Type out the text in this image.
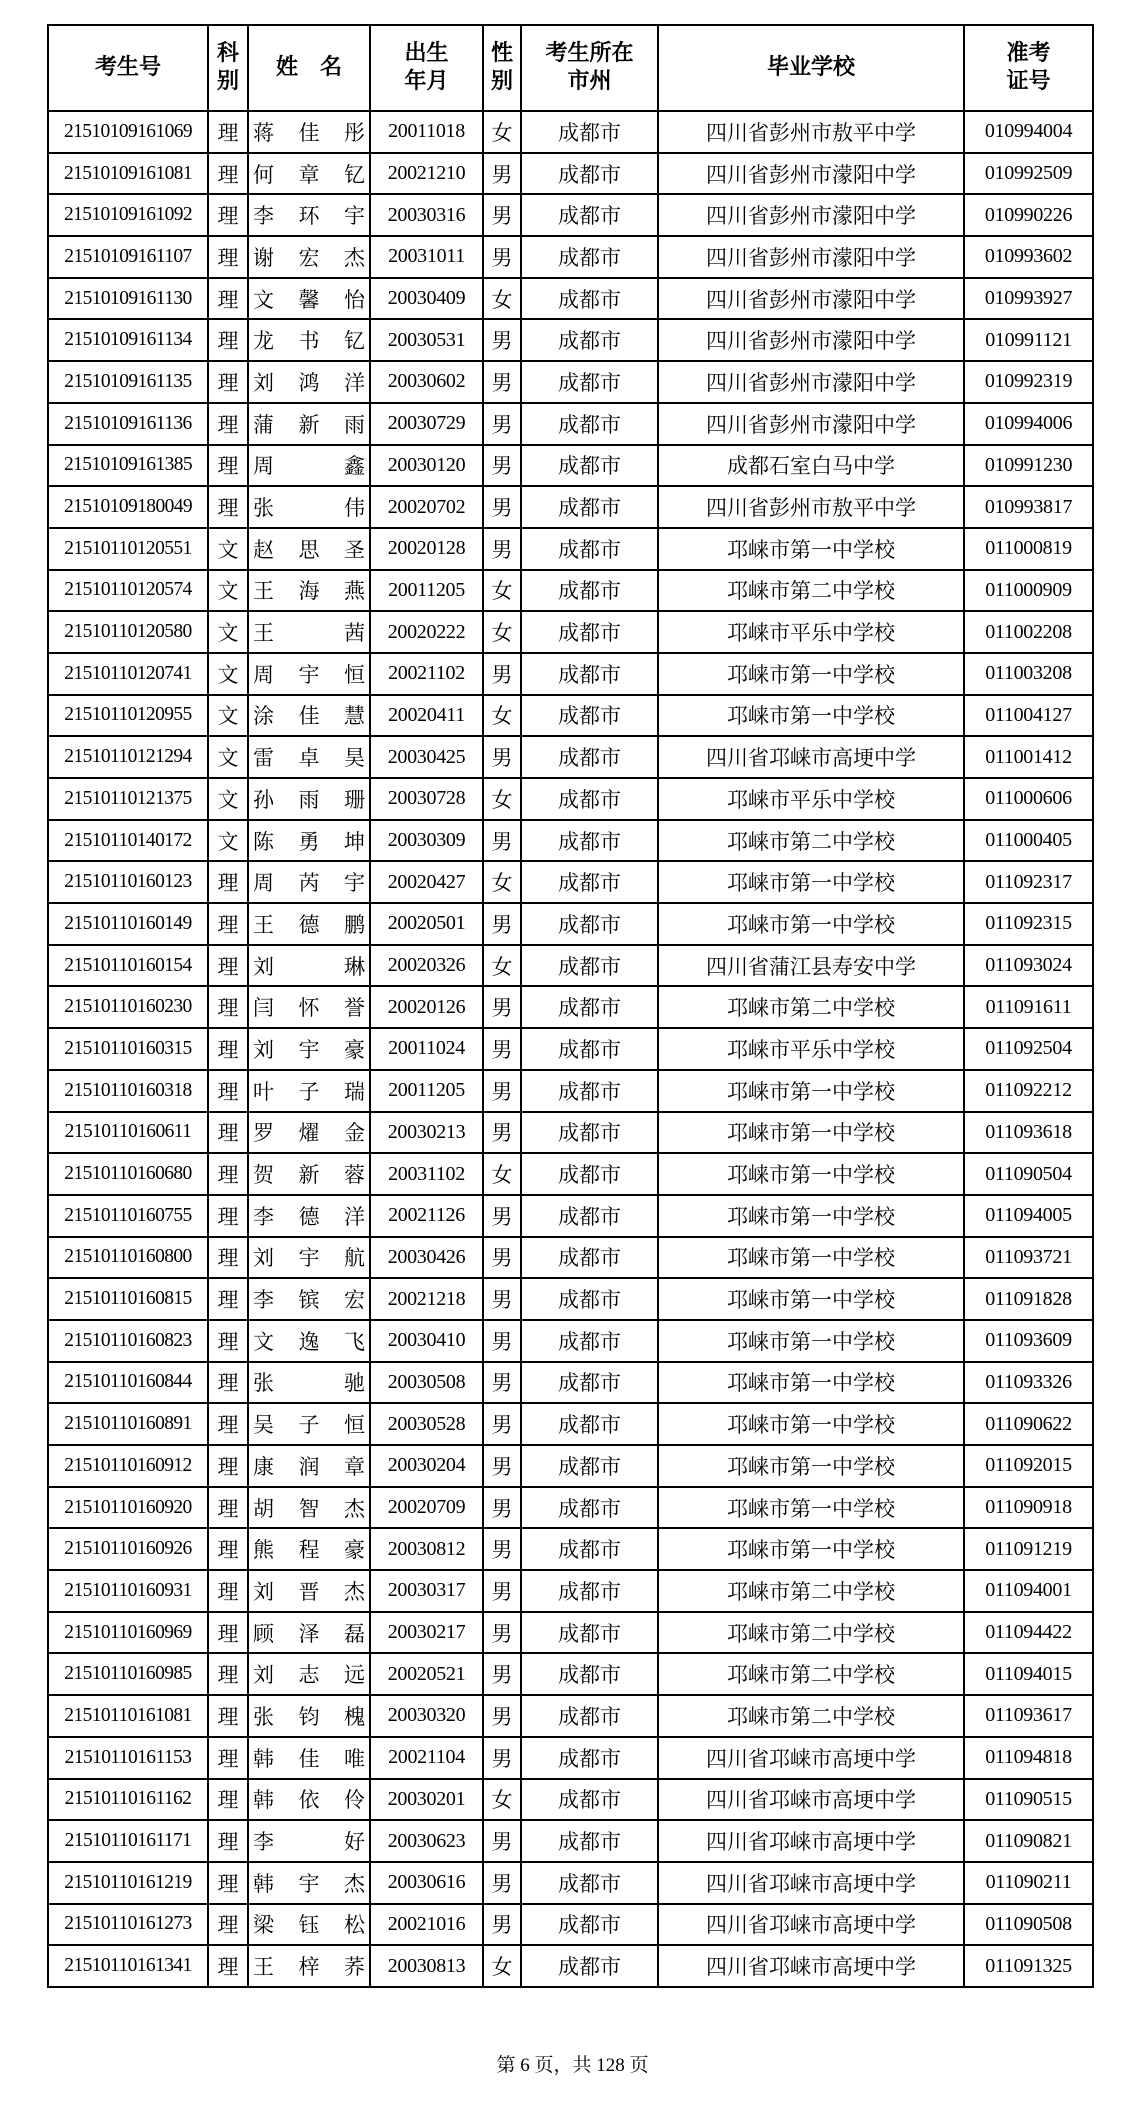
考生号	科别	姓　名	出生年月	性别	考生所在市州	毕业学校	准考证号
21510109161069	理	蒋佳彤	20011018	女	成都市	四川省彭州市敖平中学	010994004
21510109161081	理	何章钇	20021210	男	成都市	四川省彭州市濛阳中学	010992509
21510109161092	理	李环宇	20030316	男	成都市	四川省彭州市濛阳中学	010990226
21510109161107	理	谢宏杰	20031011	男	成都市	四川省彭州市濛阳中学	010993602
21510109161130	理	文馨怡	20030409	女	成都市	四川省彭州市濛阳中学	010993927
21510109161134	理	龙书钇	20030531	男	成都市	四川省彭州市濛阳中学	010991121
21510109161135	理	刘鸿洋	20030602	男	成都市	四川省彭州市濛阳中学	010992319
21510109161136	理	蒲新雨	20030729	男	成都市	四川省彭州市濛阳中学	010994006
21510109161385	理	周鑫	20030120	男	成都市	成都石室白马中学	010991230
21510109180049	理	张伟	20020702	男	成都市	四川省彭州市敖平中学	010993817
21510110120551	文	赵思圣	20020128	男	成都市	邛崃市第一中学校	011000819
21510110120574	文	王海燕	20011205	女	成都市	邛崃市第二中学校	011000909
21510110120580	文	王茜	20020222	女	成都市	邛崃市平乐中学校	011002208
21510110120741	文	周宇恒	20021102	男	成都市	邛崃市第一中学校	011003208
21510110120955	文	涂佳慧	20020411	女	成都市	邛崃市第一中学校	011004127
21510110121294	文	雷卓昊	20030425	男	成都市	四川省邛崃市高埂中学	011001412
21510110121375	文	孙雨珊	20030728	女	成都市	邛崃市平乐中学校	011000606
21510110140172	文	陈勇坤	20030309	男	成都市	邛崃市第二中学校	011000405
21510110160123	理	周芮宇	20020427	女	成都市	邛崃市第一中学校	011092317
21510110160149	理	王德鹏	20020501	男	成都市	邛崃市第一中学校	011092315
21510110160154	理	刘琳	20020326	女	成都市	四川省蒲江县寿安中学	011093024
21510110160230	理	闫怀誉	20020126	男	成都市	邛崃市第二中学校	011091611
21510110160315	理	刘宇豪	20011024	男	成都市	邛崃市平乐中学校	011092504
21510110160318	理	叶子瑞	20011205	男	成都市	邛崃市第一中学校	011092212
21510110160611	理	罗燿金	20030213	男	成都市	邛崃市第一中学校	011093618
21510110160680	理	贺新蓉	20031102	女	成都市	邛崃市第一中学校	011090504
21510110160755	理	李德洋	20021126	男	成都市	邛崃市第一中学校	011094005
21510110160800	理	刘宇航	20030426	男	成都市	邛崃市第一中学校	011093721
21510110160815	理	李镔宏	20021218	男	成都市	邛崃市第一中学校	011091828
21510110160823	理	文逸飞	20030410	男	成都市	邛崃市第一中学校	011093609
21510110160844	理	张驰	20030508	男	成都市	邛崃市第一中学校	011093326
21510110160891	理	吴子恒	20030528	男	成都市	邛崃市第一中学校	011090622
21510110160912	理	康润章	20030204	男	成都市	邛崃市第一中学校	011092015
21510110160920	理	胡智杰	20020709	男	成都市	邛崃市第一中学校	011090918
21510110160926	理	熊程豪	20030812	男	成都市	邛崃市第一中学校	011091219
21510110160931	理	刘晋杰	20030317	男	成都市	邛崃市第二中学校	011094001
21510110160969	理	顾泽磊	20030217	男	成都市	邛崃市第二中学校	011094422
21510110160985	理	刘志远	20020521	男	成都市	邛崃市第二中学校	011094015
21510110161081	理	张钧槐	20030320	男	成都市	邛崃市第二中学校	011093617
21510110161153	理	韩佳唯	20021104	男	成都市	四川省邛崃市高埂中学	011094818
21510110161162	理	韩依伶	20030201	女	成都市	四川省邛崃市高埂中学	011090515
21510110161171	理	李好	20030623	男	成都市	四川省邛崃市高埂中学	011090821
21510110161219	理	韩宇杰	20030616	男	成都市	四川省邛崃市高埂中学	011090211
21510110161273	理	梁钰松	20021016	男	成都市	四川省邛崃市高埂中学	011090508
21510110161341	理	王梓荞	20030813	女	成都市	四川省邛崃市高埂中学	011091325
第 6 页，共 128 页
